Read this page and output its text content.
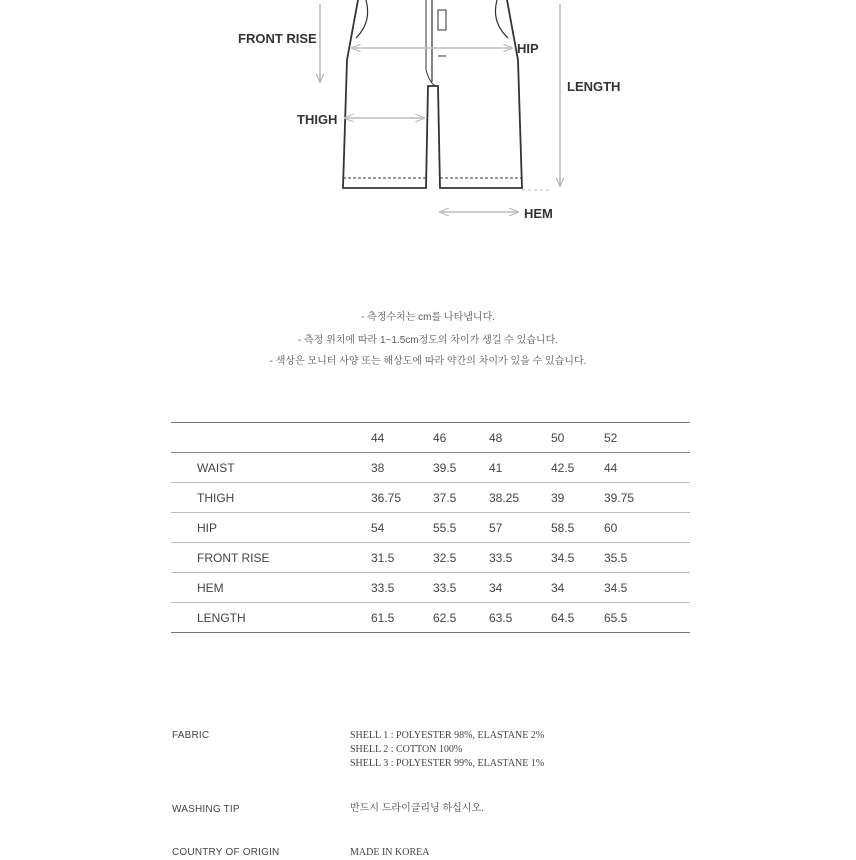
FRONT RISE
HIP
LENGTH
THIGH
HEM
- 측정수치는 cm를 나타냅니다.
- 측정 위치에 따라 1~1.5cm정도의 차이가 생길 수 있습니다.
- 색상은 모니터 사양 또는 해상도에 따라 약간의 차이가 있을 수 있습니다.
	44	46	48	50	52
WAIST	38	39.5	41	42.5	44
THIGH	36.75	37.5	38.25	39	39.75
HIP	54	55.5	57	58.5	60
FRONT RISE	31.5	32.5	33.5	34.5	35.5
HEM	33.5	33.5	34	34	34.5
LENGTH	61.5	62.5	63.5	64.5	65.5
FABRIC	SHELL 1 : POLYESTER 98%, ELASTANE 2%
SHELL 2 : COTTON 100%
SHELL 3 : POLYESTER 99%, ELASTANE 1%
WASHING TIP	반드시 드라이클리닝 하십시오.
COUNTRY OF ORIGIN	MADE IN KOREA
